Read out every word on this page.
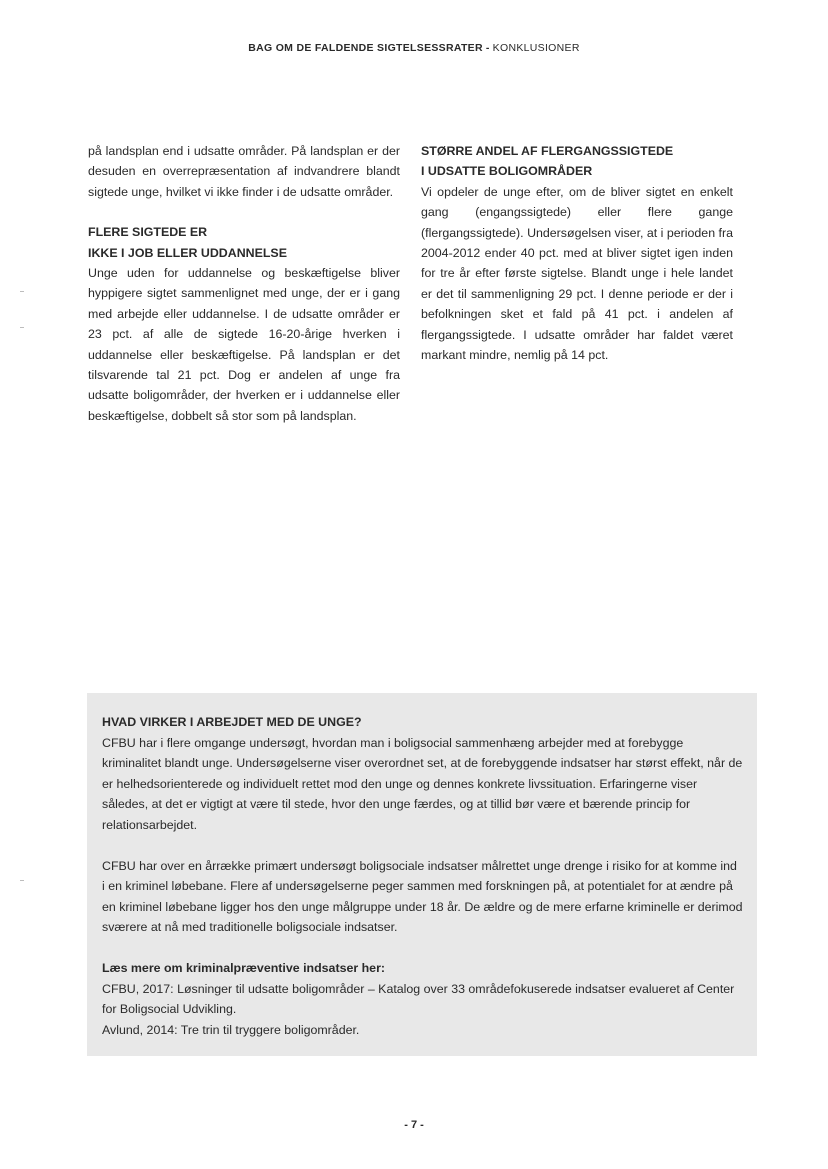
BAG OM DE FALDENDE SIGTELSESSRATER - KONKLUSIONER

på landsplan end i udsatte områder. På landsplan er der desuden en overrepræsentation af indvandrere blandt sigtede unge, hvilket vi ikke finder i de udsatte områder.

FLERE SIGTEDE ER

IKKE I JOB ELLER UDDANNELSE

Unge uden for uddannelse og beskæftigelse bliver hyppigere sigtet sammenlignet med unge, der er i gang med arbejde eller uddannelse. I de udsatte områder er 23 pct. af alle de sigtede 16-20-årige hverken i uddannelse eller beskæftigelse. På landsplan er det tilsvarende tal 21 pct. Dog er andelen af unge fra udsatte boligområder, der hverken er i uddannelse eller beskæftigelse, dobbelt så stor som på landsplan.

STØRRE ANDEL AF FLERGANGSSIGTEDE

I UDSATTE BOLIGOMRÅDER

Vi opdeler de unge efter, om de bliver sigtet en enkelt gang (engangssigtede) eller flere gange (flergangssigtede). Undersøgelsen viser, at i perioden fra 2004-2012 ender 40 pct. med at bliver sigtet igen inden for tre år efter første sigtelse. Blandt unge i hele landet er det til sammenligning 29 pct. I denne periode er der i befolkningen sket et fald på 41 pct. i andelen af flergangssigtede. I udsatte områder har faldet været markant mindre, nemlig på 14 pct.

HVAD VIRKER I ARBEJDET MED DE UNGE?

CFBU har i flere omgange undersøgt, hvordan man i boligsocial sammenhæng arbejder med at forebygge kriminalitet blandt unge. Undersøgelserne viser overordnet set, at de forebyggende indsatser har størst effekt, når de er helhedsorienterede og individuelt rettet mod den unge og dennes konkrete livssituation. Erfaringerne viser således, at det er vigtigt at være til stede, hvor den unge færdes, og at tillid bør være et bærende princip for relationsarbejdet.

CFBU har over en årrække primært undersøgt boligsociale indsatser målrettet unge drenge i risiko for at komme ind i en kriminel løbebane. Flere af undersøgelserne peger sammen med forskningen på, at potentialet for at ændre på en kriminel løbebane ligger hos den unge målgruppe under 18 år. De ældre og de mere erfarne kriminelle er derimod sværere at nå med traditionelle boligsociale indsatser.

Læs mere om kriminalpræventive indsatser her:

CFBU, 2017: Løsninger til udsatte boligområder – Katalog over 33 områdefokuserede indsatser evalueret af Center for Boligsocial Udvikling.

Avlund, 2014: Tre trin til tryggere boligområder.

- 7 -
